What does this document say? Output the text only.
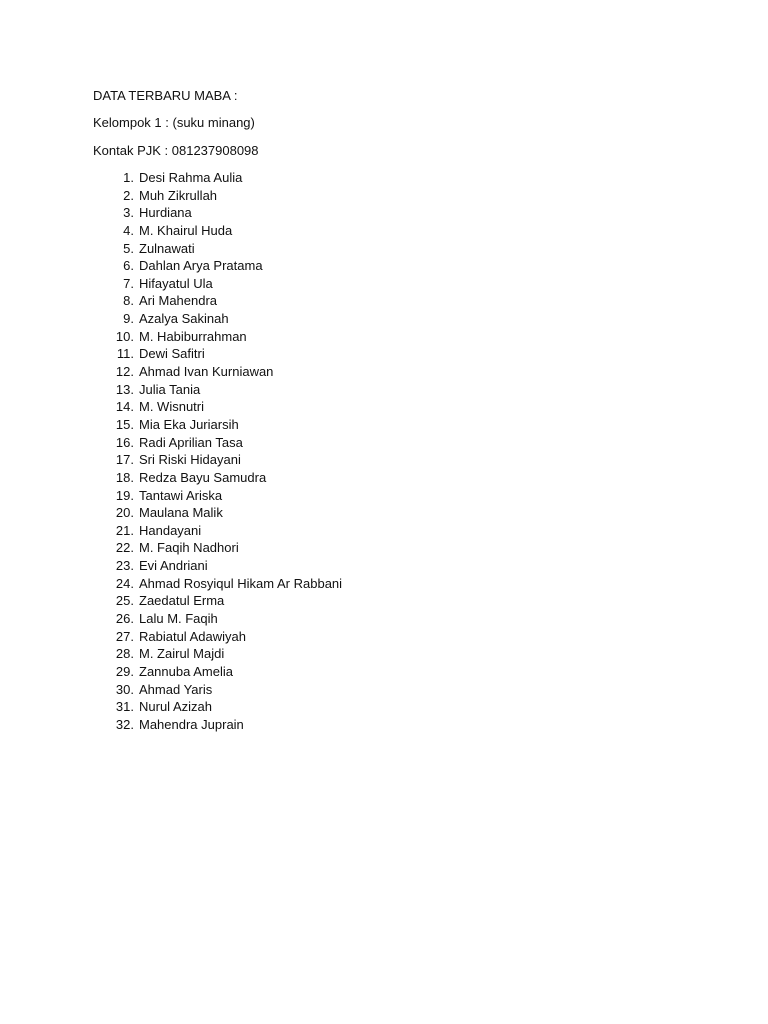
DATA TERBARU MABA :
Kelompok 1 : (suku minang)
Kontak PJK : 081237908098
1. Desi Rahma Aulia
2. Muh Zikrullah
3. Hurdiana
4. M. Khairul Huda
5. Zulnawati
6. Dahlan Arya Pratama
7. Hifayatul Ula
8. Ari Mahendra
9. Azalya Sakinah
10. M. Habiburrahman
11. Dewi Safitri
12. Ahmad Ivan Kurniawan
13. Julia Tania
14. M. Wisnutri
15. Mia Eka Juriarsih
16. Radi Aprilian Tasa
17. Sri Riski Hidayani
18. Redza Bayu Samudra
19. Tantawi Ariska
20. Maulana Malik
21. Handayani
22. M. Faqih Nadhori
23. Evi Andriani
24. Ahmad Rosyiqul Hikam Ar Rabbani
25. Zaedatul Erma
26. Lalu M. Faqih
27. Rabiatul Adawiyah
28. M. Zairul Majdi
29. Zannuba Amelia
30. Ahmad Yaris
31. Nurul Azizah
32. Mahendra Juprain
